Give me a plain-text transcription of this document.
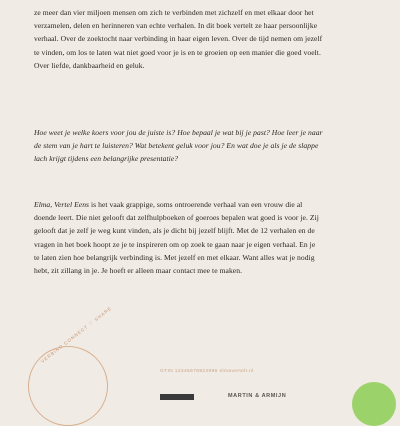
ze meer dan vier miljoen mensen om zich te verbinden met zichzelf en met elkaar door het
verzamelen, delen en herinneren van echte verhalen. In dit boek vertelt ze haar persoonlijke
verhaal. Over de zoektocht naar verbinding in haar eigen leven. Over de tijd nemen om jezelf
te vinden, om los te laten wat niet goed voor je is en te groeien op een manier die goed voelt.
Over liefde, dankbaarheid en geluk.
Hoe weet je welke koers voor jou de juiste is? Hoe bepaal je wat bij je past? Hoe leer je naar
de stem van je hart te luisteren? Wat betekent geluk voor jou? En wat doe je als je de slappe
lach krijgt tijdens een belangrijke presentatie?
Elma, Vertel Eens is het vaak grappige, soms ontroerende verhaal van een vrouw die al
doende leert. Die niet gelooft dat zelfhulpboeken of goeroes bepalen wat goed is voor je. Zij
gelooft dat je zelf je weg kunt vinden, als je dicht bij jezelf blijft. Met de 12 verhalen en de
vragen in het boek hoopt ze je te inspireren om op zoek te gaan naar je eigen verhaal. En je
te laten zien hoe belangrijk verbinding is. Met jezelf en met elkaar. Want alles wat je nodig
hebt, zit zillang in je. Je hoeft er alleen maar contact mee te maken.
VERBIND CONNECT ♡ SHARE
GTIN 12345678922996 elmavertelt.nl
MARTIN & ARMIJN
